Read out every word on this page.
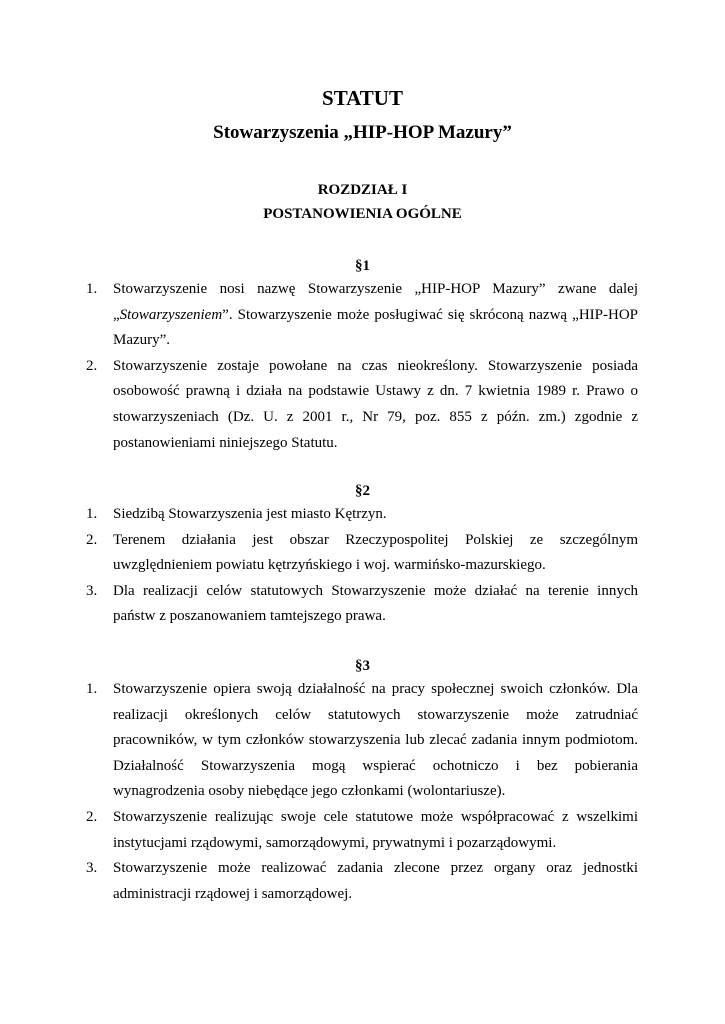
STATUT
Stowarzyszenia „HIP-HOP Mazury”
ROZDZIAŁ I
POSTANOWIENIA OGÓLNE
§1
1. Stowarzyszenie nosi nazwę Stowarzyszenie „HIP-HOP Mazury” zwane dalej „Stowarzyszeniem”. Stowarzyszenie może posługiwać się skróconą nazwą „HIP-HOP Mazury”.
2. Stowarzyszenie zostaje powołane na czas nieokreślony. Stowarzyszenie posiada osobowość prawną i działa na podstawie Ustawy z dn. 7 kwietnia 1989 r. Prawo o stowarzyszeniach (Dz. U. z 2001 r., Nr 79, poz. 855 z późn. zm.) zgodnie z postanowieniami niniejszego Statutu.
§2
1. Siedzibą Stowarzyszenia jest miasto Kętrzyn.
2. Terenem działania jest obszar Rzeczypospolitej Polskiej ze szczególnym uwzględnieniem powiatu kętrzyńskiego i woj. warmińsko-mazurskiego.
3. Dla realizacji celów statutowych Stowarzyszenie może działać na terenie innych państw z poszanowaniem tamtejszego prawa.
§3
1. Stowarzyszenie opiera swoją działalność na pracy społecznej swoich członków. Dla realizacji określonych celów statutowych stowarzyszenie może zatrudniać pracowników, w tym członków stowarzyszenia lub zlecać zadania innym podmiotom. Działalność Stowarzyszenia mogą wspierać ochotniczo i bez pobierania wynagrodzenia osoby niebędące jego członkami (wolontariusze).
2. Stowarzyszenie realizując swoje cele statutowe może współpracować z wszelkimi instytucjami rządowymi, samorządowymi, prywatnymi i pozarządowymi.
3. Stowarzyszenie może realizować zadania zlecone przez organy oraz jednostki administracji rządowej i samorządowej.
